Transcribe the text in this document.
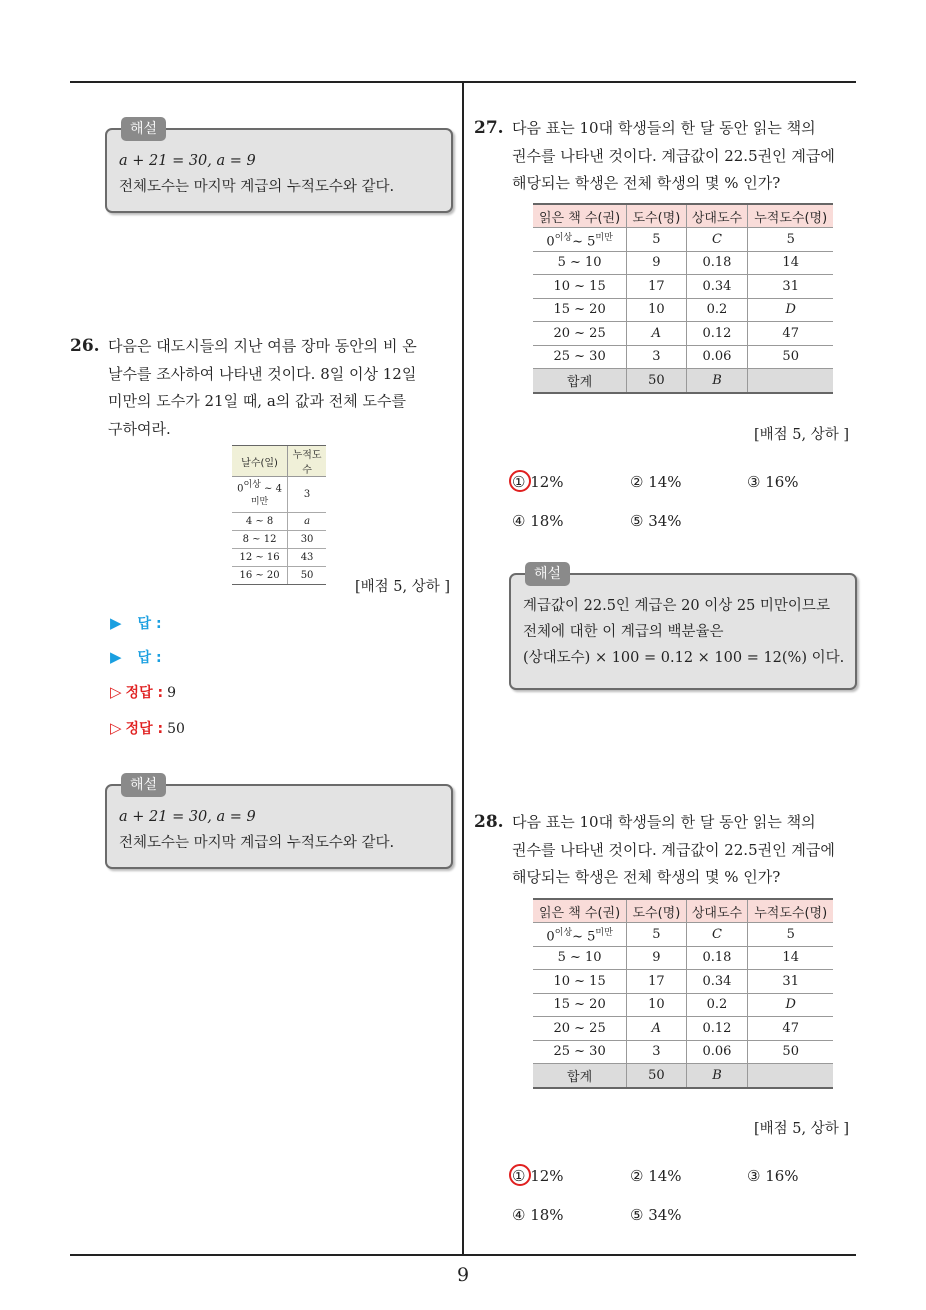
해설
a + 21 = 30, a = 9
전체도수는 마지막 계급의 누적도수와 같다.
26. 다음은 대도시들의 지난 여름 장마 동안의 비 온
날수를 조사하여 나타낸 것이다. 8일 이상 12일
미만의 도수가 21일 때, a의 값과 전체 도수를
구하여라.
날수(일)	누적도수
$0^{이상}$ ~ $4^{미만}$	3
4 ~ 8	a
8 ~ 12	30
12 ~ 16	43
16 ~ 20	50
[배점 5, 상하 ]
▶ 답 :
▶ 답 :
▷ 정답 : 9
▷ 정답 : 50
해설
a + 21 = 30, a = 9
전체도수는 마지막 계급의 누적도수와 같다.
27. 다음 표는 10대 학생들의 한 달 동안 읽는 책의
권수를 나타낸 것이다. 계급값이 22.5권인 계급에
해당되는 학생은 전체 학생의 몇 % 인가?
읽은 책 수(권)	도수(명)	상대도수	누적도수(명)
$0^{이상}\sim$ $5^{미만}$	5	C	5
5 ~ 10	9	0.18	14
10 ~ 15	17	0.34	31
15 ~ 20	10	0.2	D
20 ~ 25	A	0.12	47
25 ~ 30	3	0.06	50
합계	50	B	
[배점 5, 상하 ]
① 12%	② 14%	③ 16%
④ 18%	⑤ 34%
해설
계급값이 22.5인 계급은 20 이상 25 미만이므로
전체에 대한 이 계급의 백분율은
(상대도수) × 100 = 0.12 × 100 = 12(%) 이다.
28. 다음 표는 10대 학생들의 한 달 동안 읽는 책의
권수를 나타낸 것이다. 계급값이 22.5권인 계급에
해당되는 학생은 전체 학생의 몇 % 인가?
읽은 책 수(권)	도수(명)	상대도수	누적도수(명)
$0^{이상}\sim$ $5^{미만}$	5	C	5
5 ~ 10	9	0.18	14
10 ~ 15	17	0.34	31
15 ~ 20	10	0.2	D
20 ~ 25	A	0.12	47
25 ~ 30	3	0.06	50
합계	50	B	
[배점 5, 상하 ]
① 12%	② 14%	③ 16%
④ 18%	⑤ 34%
9
